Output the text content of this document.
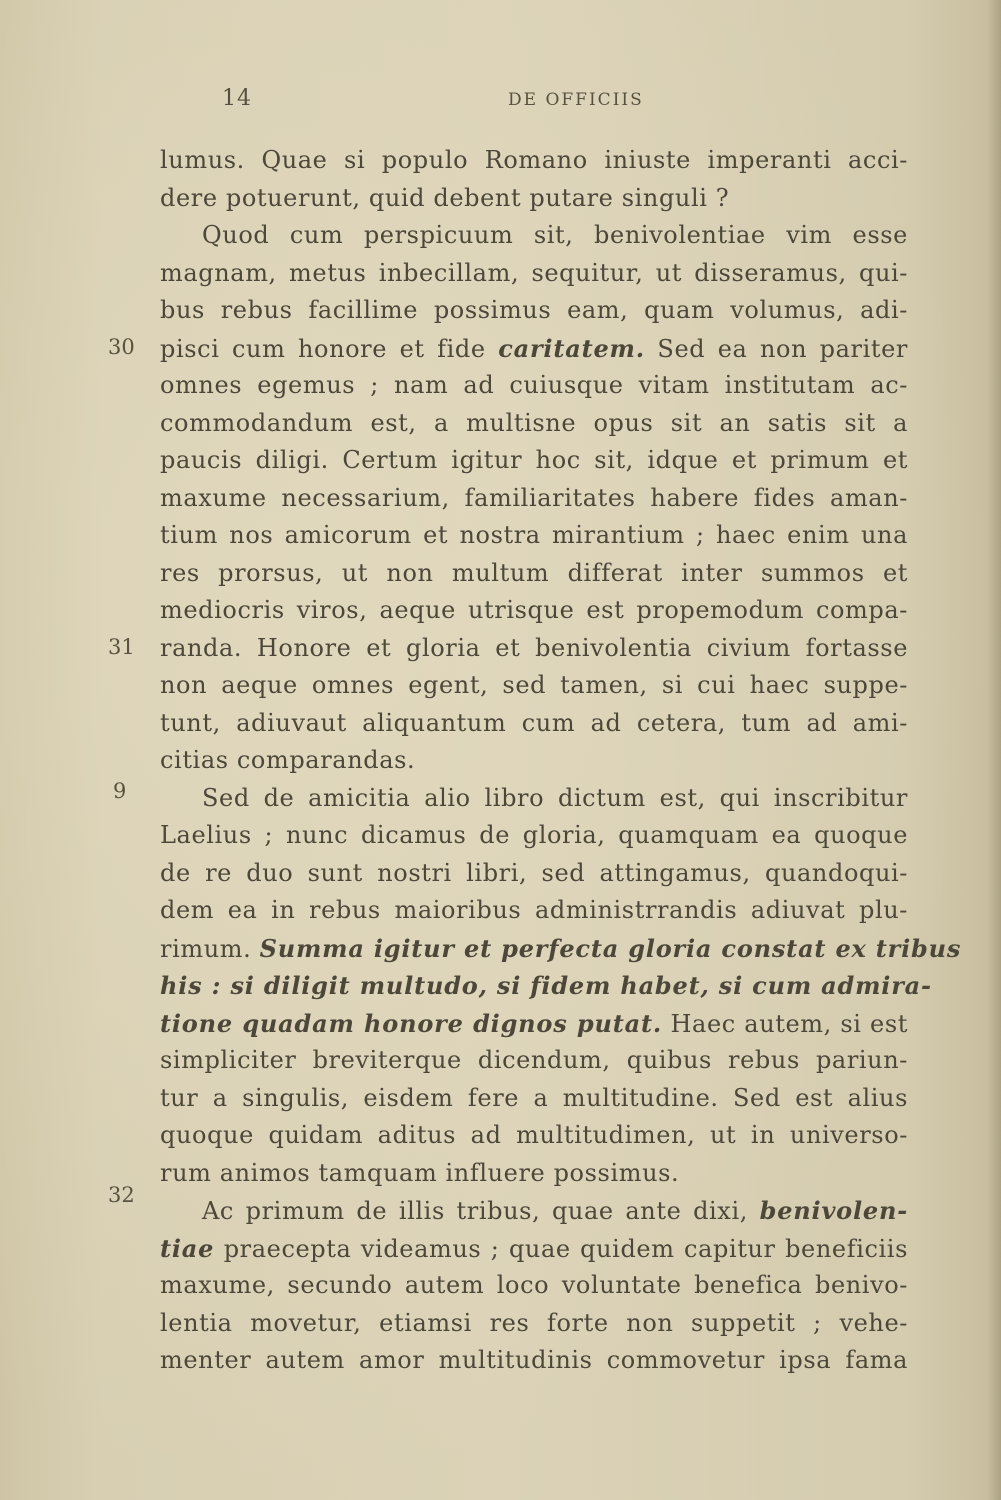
14	DE OFFICIIS
30
31
9
32
lumus. Quae si populo Romano iniuste imperanti acci-
dere potuerunt, quid debent putare singuli ?
Quod cum perspicuum sit, benivolentiae vim esse
magnam, metus inbecillam, sequitur, ut disseramus, qui-
bus rebus facillime possimus eam, quam volumus, adi-
pisci cum honore et fide caritatem. Sed ea non pariter
omnes egemus ; nam ad cuiusque vitam institutam ac-
commodandum est, a multisne opus sit an satis sit a
paucis diligi. Certum igitur hoc sit, idque et primum et
maxume necessarium, familiaritates habere fides aman-
tium nos amicorum et nostra mirantium ; haec enim una
res prorsus, ut non multum differat inter summos et
mediocris viros, aeque utrisque est propemodum compa-
randa. Honore et gloria et benivolentia civium fortasse
non aeque omnes egent, sed tamen, si cui haec suppe-
tunt, adiuvaut aliquantum cum ad cetera, tum ad ami-
citias comparandas.
Sed de amicitia alio libro dictum est, qui inscribitur
Laelius ; nunc dicamus de gloria, quamquam ea quoque
de re duo sunt nostri libri, sed attingamus, quandoqui-
dem ea in rebus maioribus administrrandis adiuvat plu-
rimum. Summa igitur et perfecta gloria constat ex tribus
his : si diligit multudo, si fidem habet, si cum admira-
tione quadam honore dignos putat. Haec autem, si est
simpliciter breviterque dicendum, quibus rebus pariun-
tur a singulis, eisdem fere a multitudine. Sed est alius
quoque quidam aditus ad multitudimen, ut in universo-
rum animos tamquam influere possimus.
Ac primum de illis tribus, quae ante dixi, benivolen-
tiae praecepta videamus ; quae quidem capitur beneficiis
maxume, secundo autem loco voluntate benefica benivo-
lentia movetur, etiamsi res forte non suppetit ; vehe-
menter autem amor multitudinis commovetur ipsa fama
